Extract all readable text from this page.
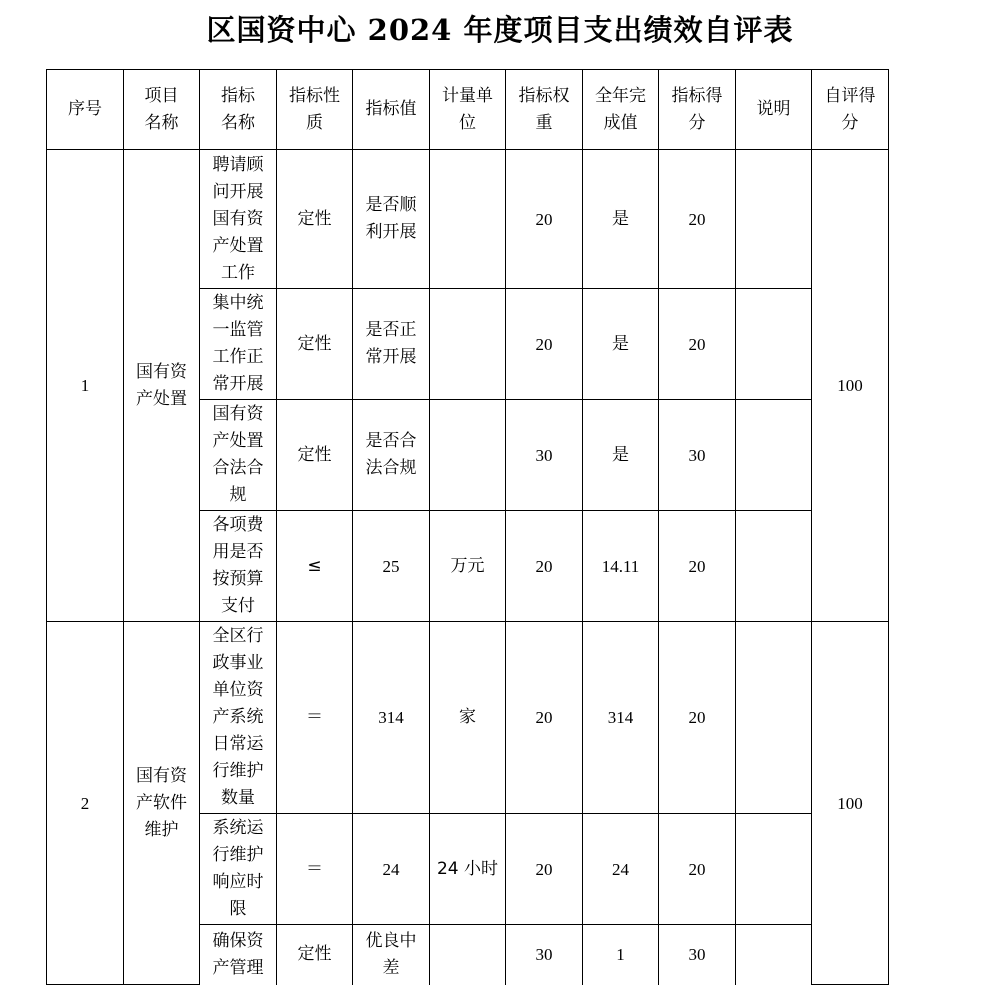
区国资中心 2024 年度项目支出绩效自评表
序号	项目名称	指标名称	指标性质	指标值	计量单位	指标权重	全年完成值	指标得分	说明	自评得分
1	国有资产处置	聘请顾问开展国有资产处置工作	定性	是否顺利开展		20	是	20		100
		集中统一监管工作正常开展	定性	是否正常开展		20	是	20		
		国有资产处置合法合规	定性	是否合法合规		30	是	30		
		各项费用是否按预算支付	≤	25	万元	20	14.11	20		
2	国有资产软件维护	全区行政事业单位资产系统日常运行维护数量	＝	314	家	20	314	20		100
		系统运行维护响应时限	＝	24	24 小时	20	24	20		
		确保资产管理	定性	优良中差		30	1	30		
